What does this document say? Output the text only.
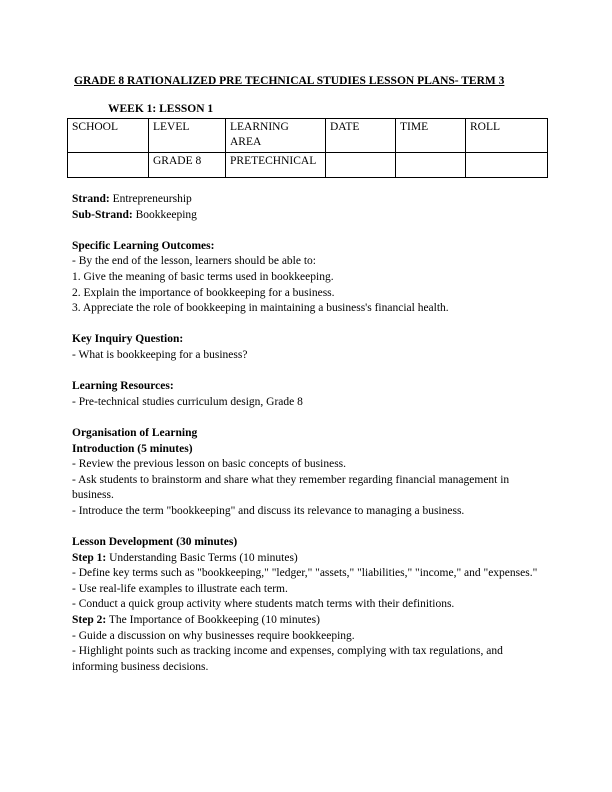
GRADE 8 RATIONALIZED PRE TECHNICAL STUDIES LESSON PLANS- TERM 3
WEEK 1: LESSON 1
SCHOOL	LEVEL	LEARNING AREA	DATE	TIME	ROLL
	GRADE 8	PRETECHNICAL			

Strand: Entrepreneurship

Sub-Strand: Bookkeeping

Specific Learning Outcomes:

- By the end of the lesson, learners should be able to:

1. Give the meaning of basic terms used in bookkeeping.

2. Explain the importance of bookkeeping for a business.

3. Appreciate the role of bookkeeping in maintaining a business's financial health.

Key Inquiry Question:

- What is bookkeeping for a business?

Learning Resources:

- Pre-technical studies curriculum design, Grade 8

Organisation of Learning

Introduction (5 minutes)

- Review the previous lesson on basic concepts of business.

- Ask students to brainstorm and share what they remember regarding financial management in business.

- Introduce the term "bookkeeping" and discuss its relevance to managing a business.

Lesson Development (30 minutes)

Step 1: Understanding Basic Terms (10 minutes)

- Define key terms such as "bookkeeping," "ledger," "assets," "liabilities," "income," and "expenses."

- Use real-life examples to illustrate each term.

- Conduct a quick group activity where students match terms with their definitions.

Step 2: The Importance of Bookkeeping (10 minutes)

- Guide a discussion on why businesses require bookkeeping.

- Highlight points such as tracking income and expenses, complying with tax regulations, and informing business decisions.
